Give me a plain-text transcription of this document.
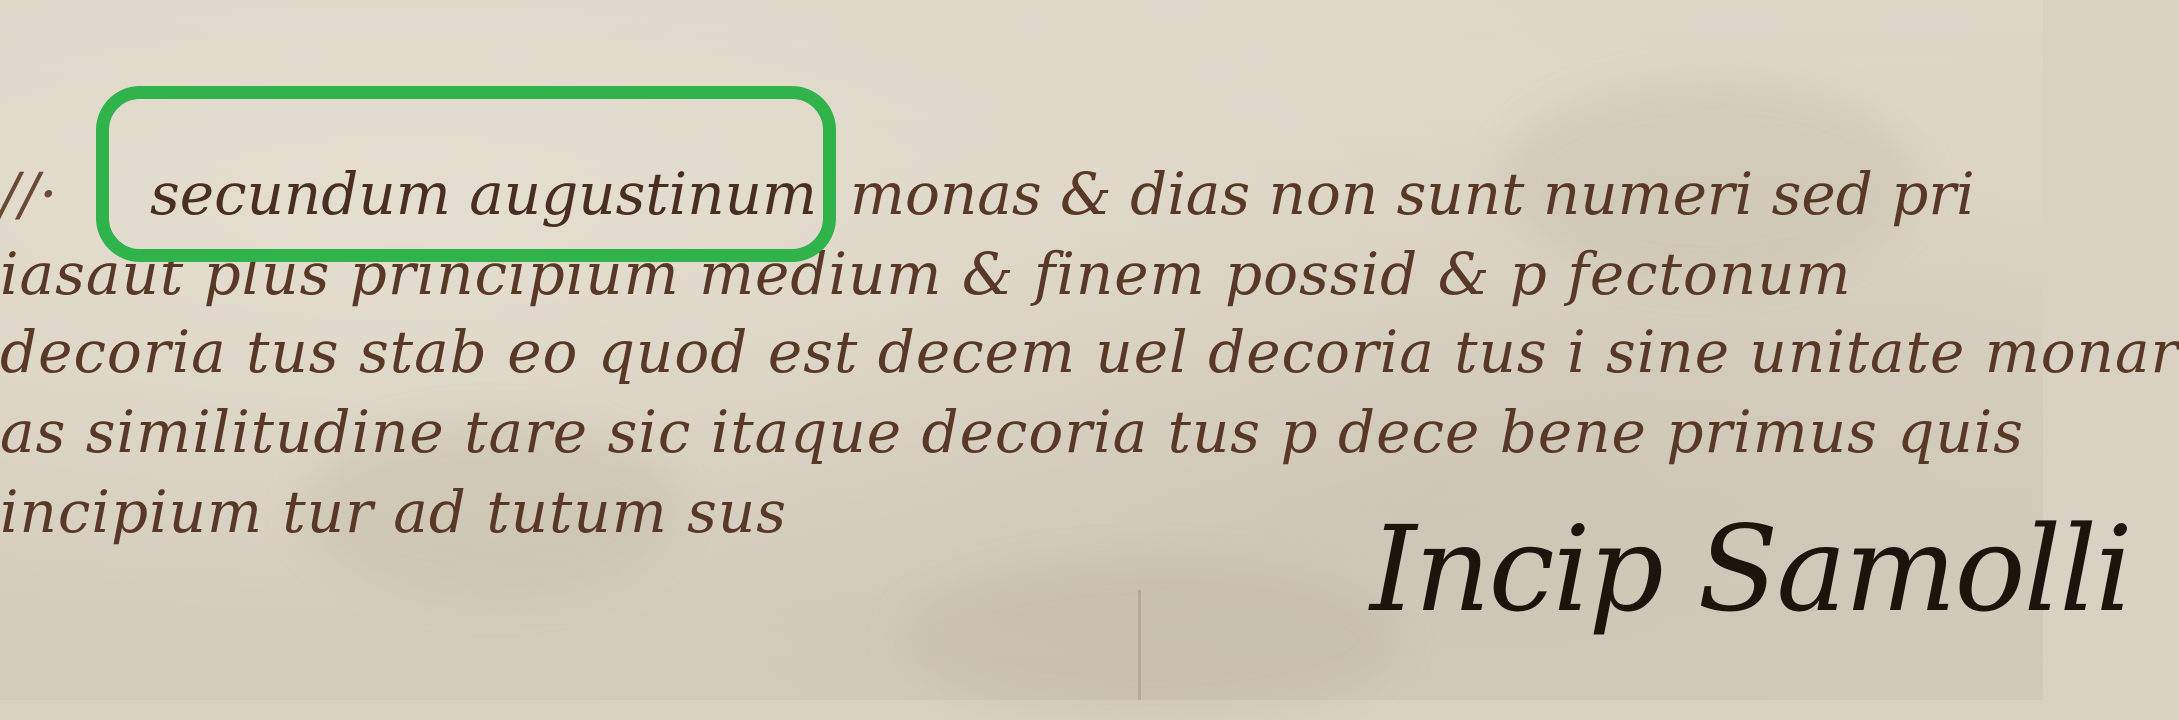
//· secundum augustinum monas & dias non sunt numeri sed pri
iasaut plus principium medium & finem possid & p fectonum
decoria tus stab eo quod est decem uel decoria tus i sine unitate monar
as similitudine tare sic itaque decoria tus p dece bene primus quis
incipium tur ad tutum sus	Incip Samolli
